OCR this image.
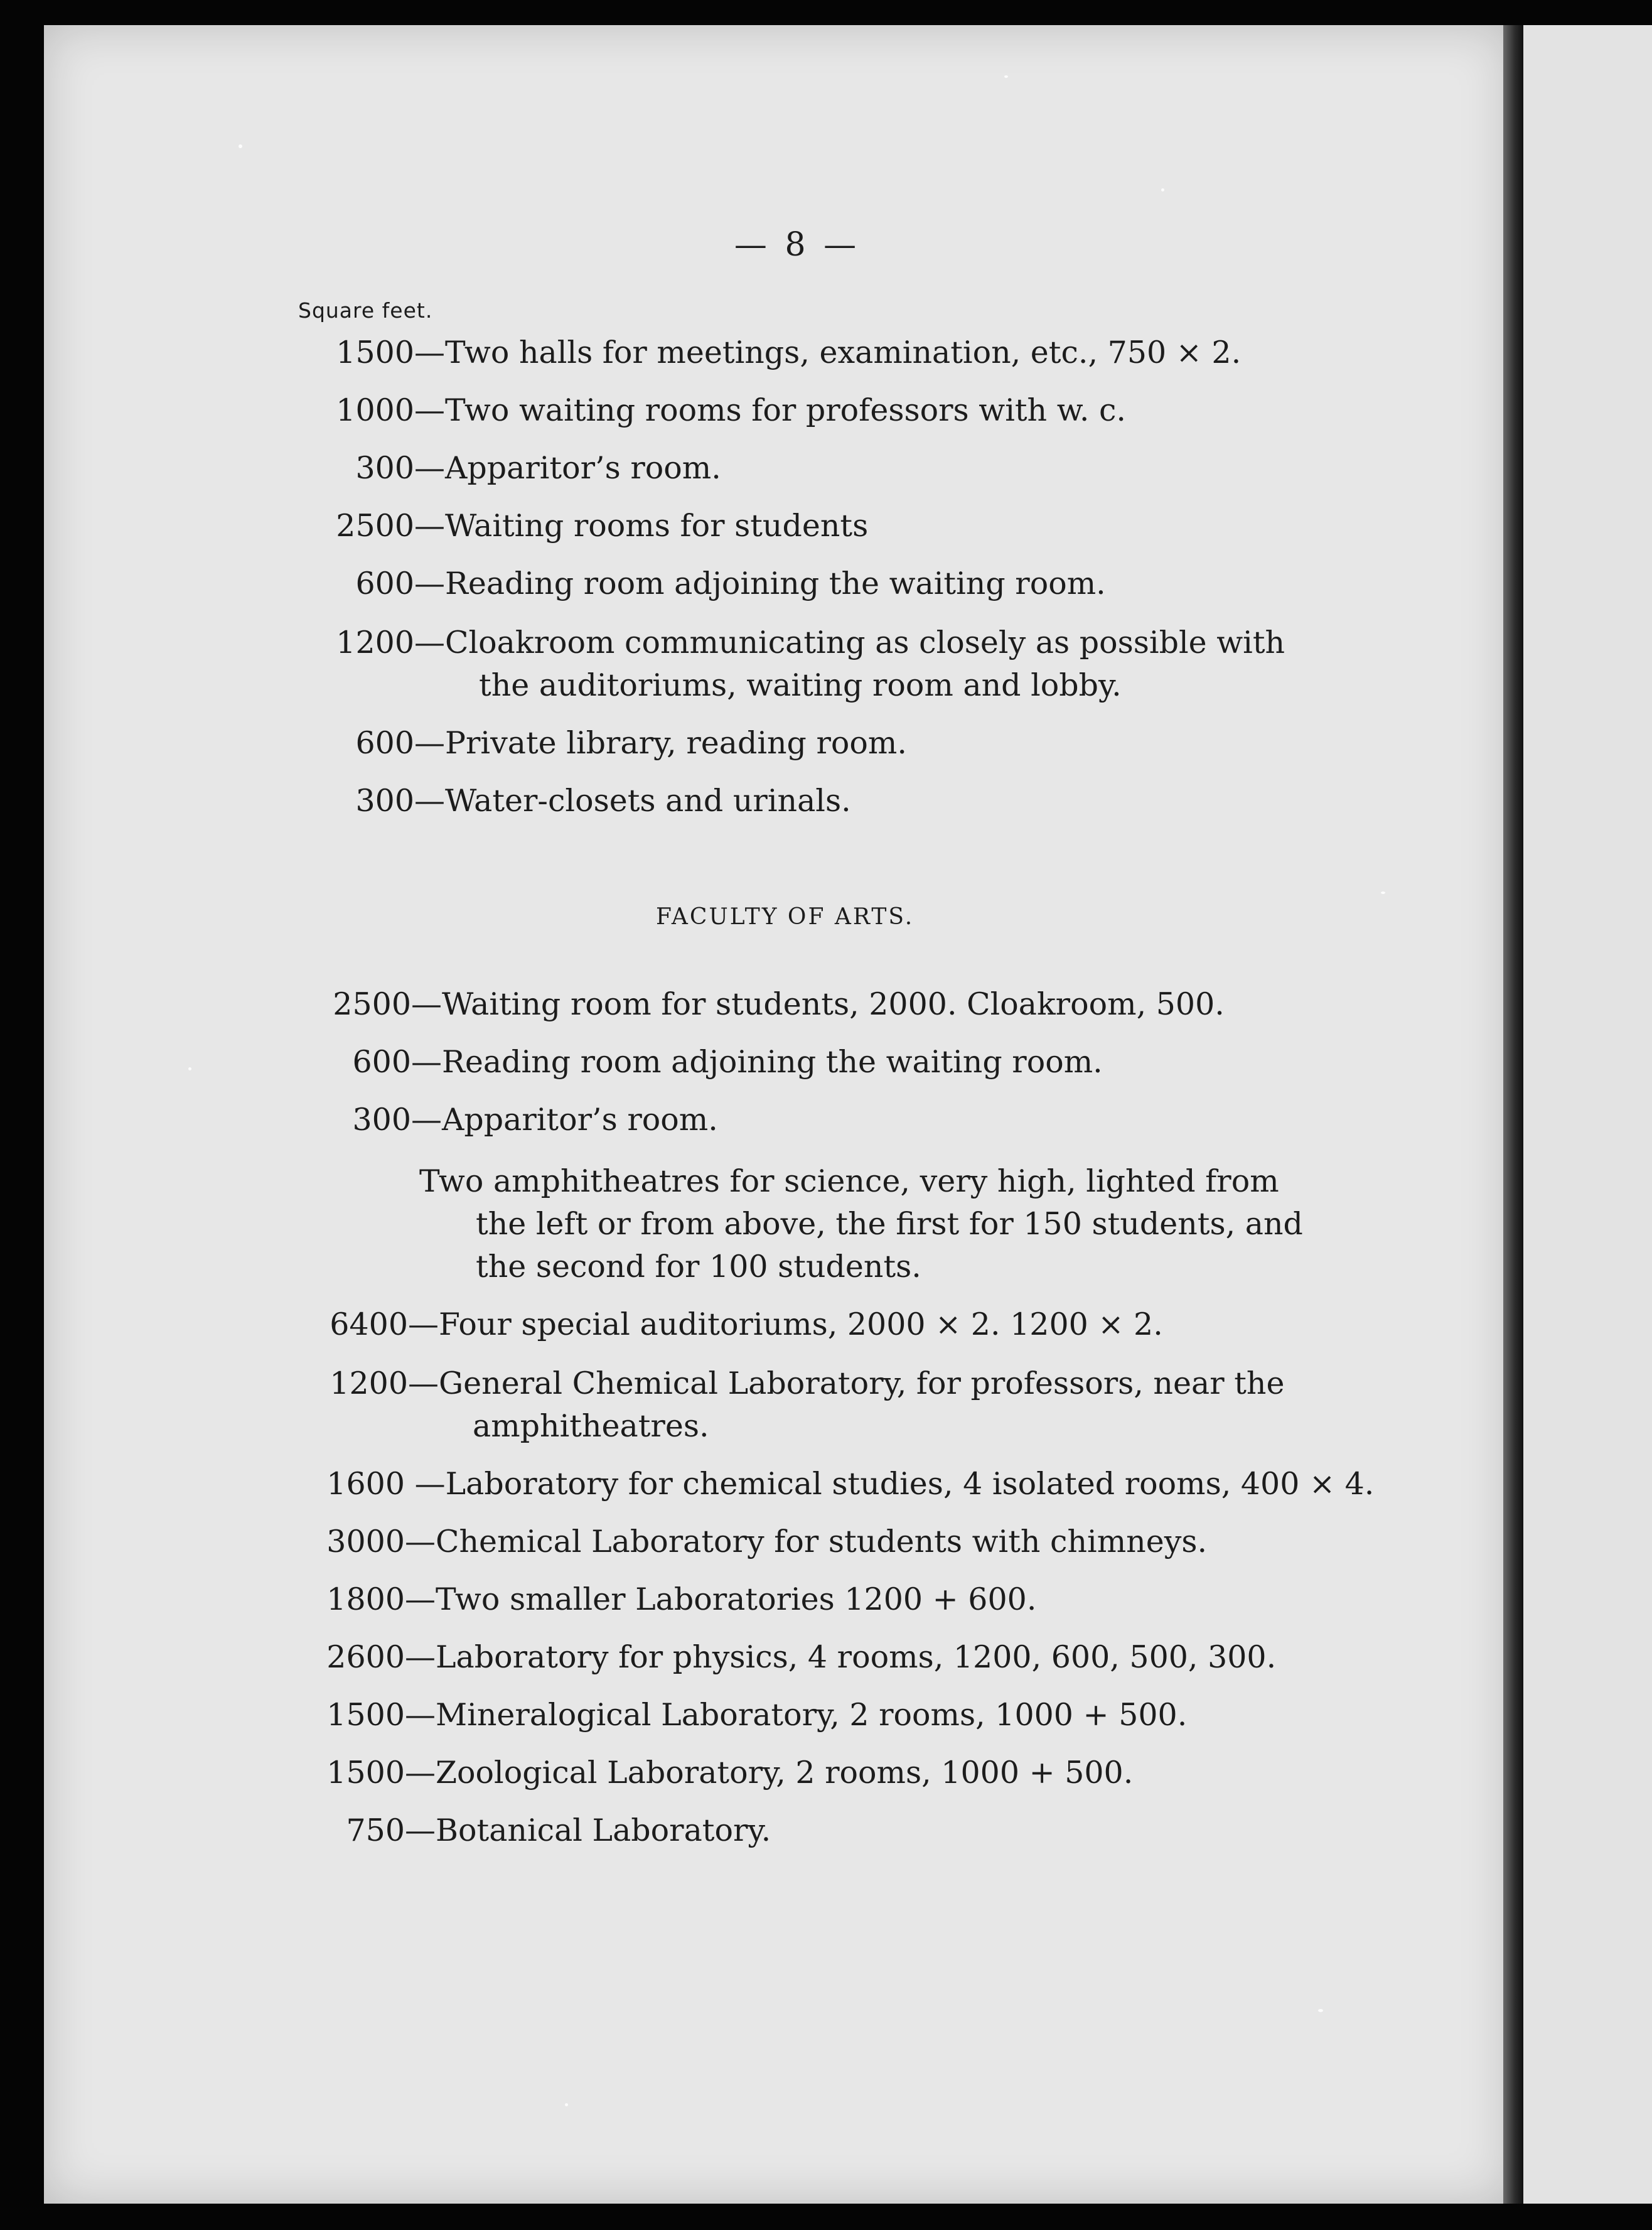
— 8 —
Square feet.
1500—Two halls for meetings, examination, etc., 750 × 2.
1000—Two waiting rooms for professors with w. c.
300—Apparitor’s room.
2500—Waiting rooms for students
600—Reading room adjoining the waiting room.
1200—Cloakroom communicating as closely as possible with
the auditoriums, waiting room and lobby.
600—Private library, reading room.
300—Water-closets and urinals.
FACULTY OF ARTS.
2500—Waiting room for students, 2000. Cloakroom, 500.
600—Reading room adjoining the waiting room.
300—Apparitor’s room.
Two amphitheatres for science, very high, lighted from
the left or from above, the first for 150 students, and
the second for 100 students.
6400—Four special auditoriums, 2000 × 2. 1200 × 2.
1200—General Chemical Laboratory, for professors, near the
amphitheatres.
1600 —Laboratory for chemical studies, 4 isolated rooms, 400 × 4.
3000—Chemical Laboratory for students with chimneys.
1800—Two smaller Laboratories 1200 + 600.
2600—Laboratory for physics, 4 rooms, 1200, 600, 500, 300.
1500—Mineralogical Laboratory, 2 rooms, 1000 + 500.
1500—Zoological Laboratory, 2 rooms, 1000 + 500.
750—Botanical Laboratory.
